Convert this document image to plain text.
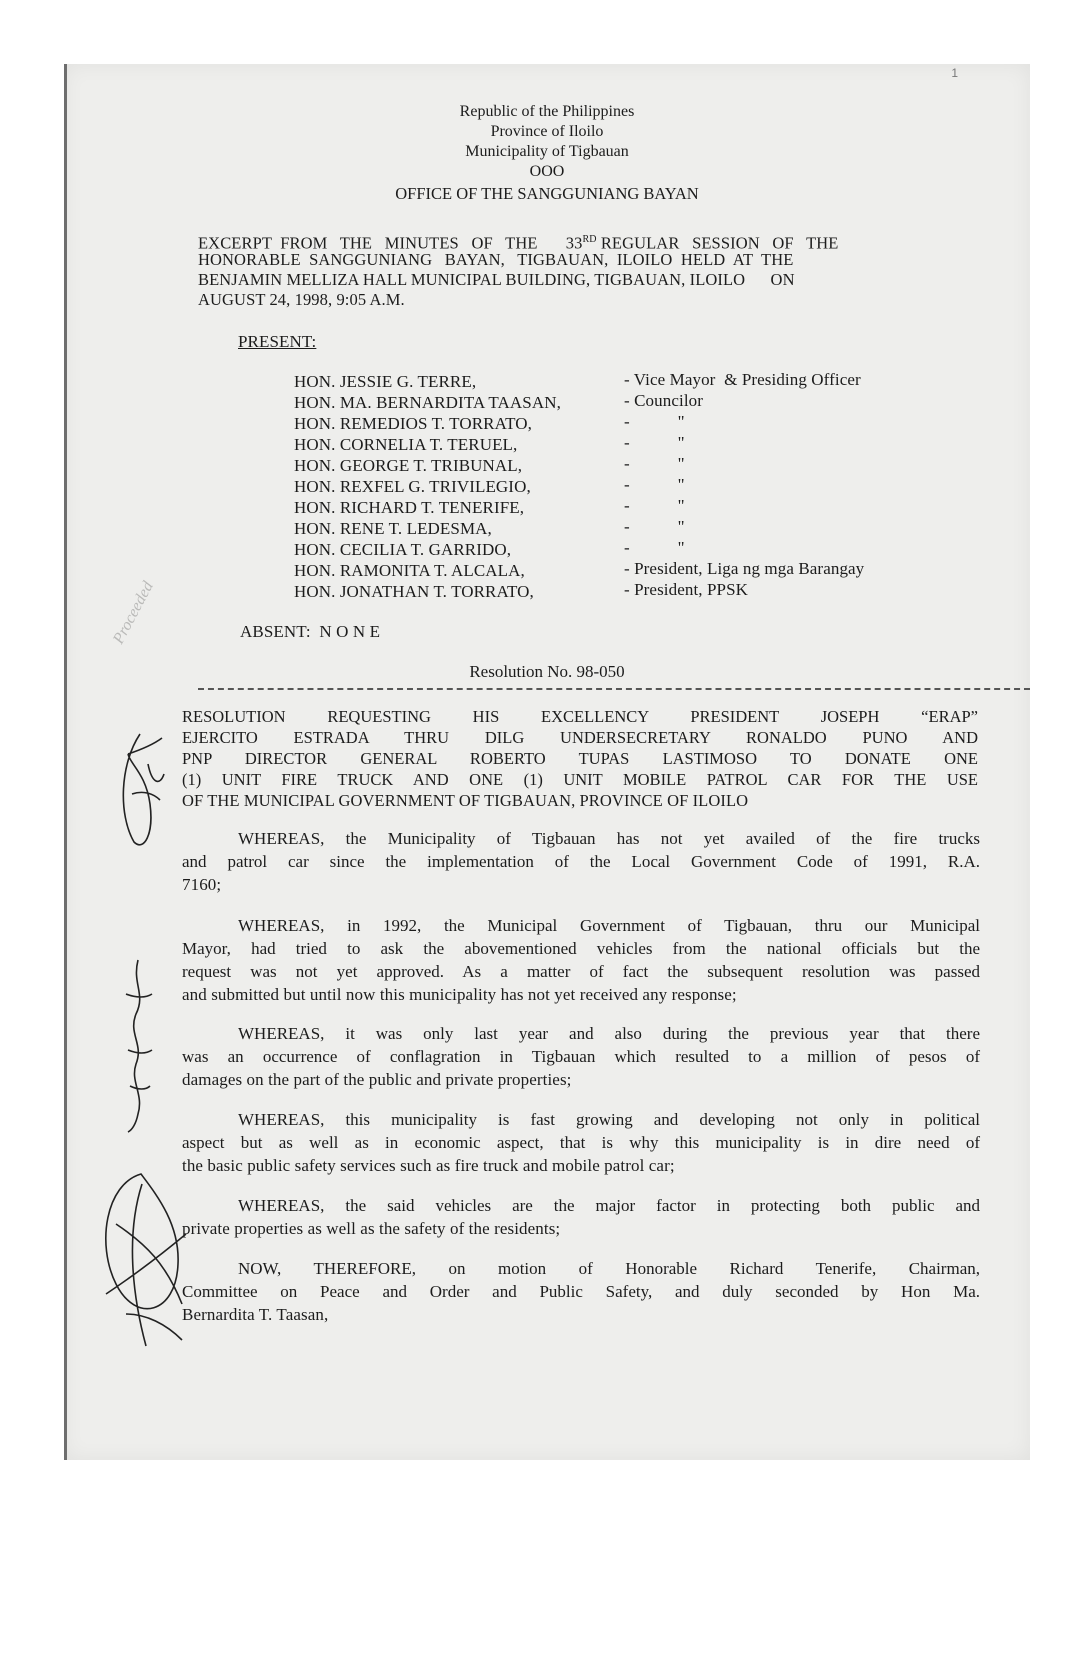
1
Republic of the Philippines
Province of Iloilo
Municipality of Tigbauan
OOO
OFFICE OF THE SANGGUNIANG BAYAN
EXCERPT  FROM   THE   MINUTES   OF   THE 33RD REGULAR   SESSION   OF   THE
HONORABLE  SANGGUNIANG   BAYAN,   TIGBAUAN,  ILOILO  HELD  AT  THE
BENJAMIN MELLIZA HALL MUNICIPAL BUILDING, TIGBAUAN, ILOILO      ON
AUGUST 24, 1998, 9:05 A.M.
PRESENT:
HON. JESSIE G. TERRE,	- Vice Mayor  & Presiding Officer
HON. MA. BERNARDITA TAASAN,	- Councilor
HON. REMEDIOS T. TORRATO,	-           "
HON. CORNELIA T. TERUEL,	-           "
HON. GEORGE T. TRIBUNAL,	-           "
HON. REXFEL G. TRIVILEGIO,	-           "
HON. RICHARD T. TENERIFE,	-           "
HON. RENE T. LEDESMA,	-           "
HON. CECILIA T. GARRIDO,	-           "
HON. RAMONITA T. ALCALA,	- President, Liga ng mga Barangay
HON. JONATHAN T. TORRATO,	- President, PPSK
ABSENT:  N O N E
Resolution No. 98-050
RESOLUTION REQUESTING HIS EXCELLENCY PRESIDENT JOSEPH “ERAP”
EJERCITO ESTRADA THRU DILG UNDERSECRETARY RONALDO PUNO AND
PNP DIRECTOR GENERAL ROBERTO TUPAS LASTIMOSO TO DONATE ONE
(1) UNIT FIRE TRUCK AND ONE (1) UNIT MOBILE PATROL CAR FOR THE USE
OF THE MUNICIPAL GOVERNMENT OF TIGBAUAN, PROVINCE OF ILOILO
WHEREAS, the Municipality of Tigbauan has not yet availed of the fire trucks
and patrol car since the implementation of the Local Government Code of 1991, R.A.
7160;
WHEREAS, in 1992, the Municipal Government of Tigbauan, thru our Municipal
Mayor, had tried to ask the abovementioned vehicles from the national officials but the
request was not yet approved. As a matter of fact the subsequent resolution was passed
and submitted but until now this municipality has not yet received any response;
WHEREAS, it was only last year and also during the previous year that there
was an occurrence of conflagration in Tigbauan which resulted to a million of pesos of
damages on the part of the public and private properties;
WHEREAS, this municipality is fast growing and developing not only in political
aspect but as well as in economic aspect, that is why this municipality is in dire need of
the basic public safety services such as fire truck and mobile patrol car;
WHEREAS, the said vehicles are the major factor in protecting both public and
private properties as well as the safety of the residents;
NOW, THEREFORE, on motion of Honorable Richard Tenerife, Chairman,
Committee on Peace and Order and Public Safety, and duly seconded by Hon Ma.
Bernardita T. Taasan,
Proceeded
